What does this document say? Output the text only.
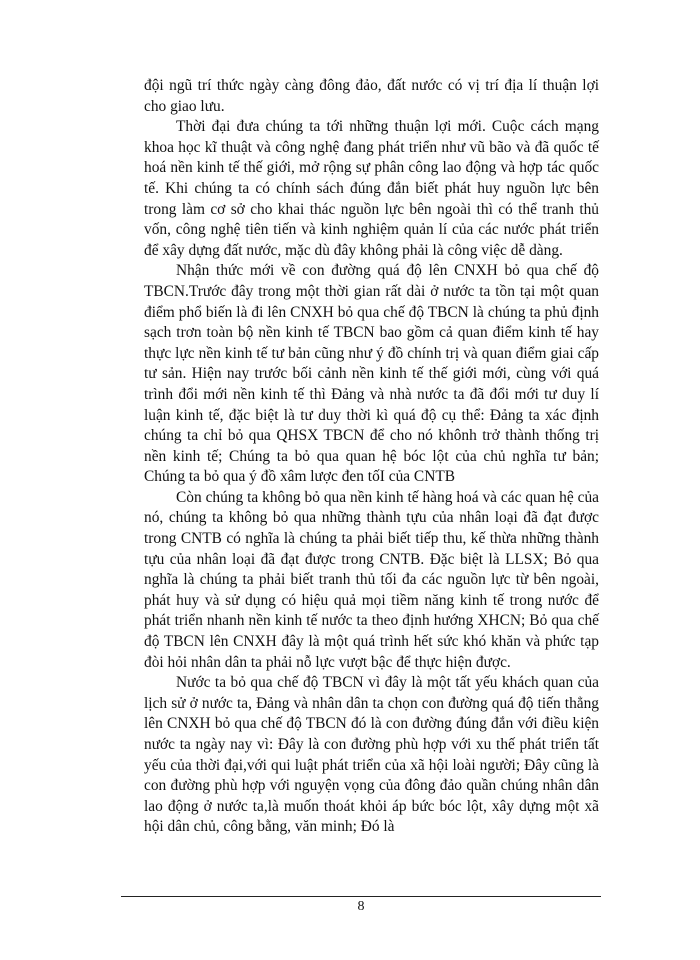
đội ngũ trí thức ngày càng đông đảo, đất nước có vị trí địa lí thuận lợi cho giao lưu.

Thời đại đưa chúng ta tới những thuận lợi mới. Cuộc cách mạng khoa học kĩ thuật và công nghệ đang phát triển như vũ bão và đã quốc tế hoá nền kinh tế thế giới, mở rộng sự phân công lao động và hợp tác quốc tế. Khi chúng ta có chính sách đúng đắn biết phát huy nguồn lực bên trong làm cơ sở cho khai thác nguồn lực bên ngoài thì có thể tranh thủ vốn, công nghệ tiên tiến và kinh nghiệm quản lí của các nước phát triển để xây dựng đất nước, mặc dù đây không phải là công việc dễ dàng.

Nhận thức mới về con đường quá độ lên CNXH bỏ qua chế độ TBCN.Trước đây trong một thời gian rất dài ở nước ta tồn tại một quan điểm phổ biến là đi lên CNXH bỏ qua chế độ TBCN là chúng ta phủ định sạch trơn toàn bộ nền kinh tế TBCN bao gồm cả quan điểm kinh tế hay thực lực nền kinh tế tư bản cũng như ý đồ chính trị và quan điểm giai cấp tư sản. Hiện nay trước bối cảnh nền kinh tế thế giới mới, cùng với quá trình đổi mới nền kinh tế thì Đảng và nhà nước ta đã đổi mới tư duy lí luận kinh tế, đặc biệt là tư duy thời kì quá độ cụ thể: Đảng ta xác định chúng ta chỉ bỏ qua QHSX TBCN để cho nó khônh trở thành thống trị nền kinh tế; Chúng ta bỏ qua quan hệ bóc lột của chủ nghĩa tư bản; Chúng ta bỏ qua ý đồ xâm lược đen tốI của CNTB

Còn chúng ta không bỏ qua nền kinh tế hàng hoá và các quan hệ của nó, chúng ta không bỏ qua những thành tựu của nhân loại đã đạt được trong CNTB có nghĩa là chúng ta phải biết tiếp thu, kế thừa những thành tựu của nhân loại đã đạt được trong CNTB. Đặc biệt là LLSX; Bỏ qua nghĩa là chúng ta phải biết tranh thủ tối đa các nguồn lực từ bên ngoài, phát huy và sử dụng có hiệu quả mọi tiềm năng kinh tế trong nước để phát triển nhanh nền kinh tế nước ta theo định hướng XHCN; Bỏ qua chế độ TBCN lên CNXH đây là một quá trình hết sức khó khăn và phức tạp đòi hỏi nhân dân ta phải nỗ lực vượt bậc để thực hiện được.

Nước ta bỏ qua chế độ TBCN vì đây là một tất yếu khách quan của lịch sử ở nước ta, Đảng và nhân dân ta chọn con đường quá độ tiến thẳng lên CNXH bỏ qua chế độ TBCN đó là con đường đúng đắn với điều kiện nước ta ngày nay vì: Đây là con đường phù hợp với xu thế phát triển tất yếu của thời đại,với qui luật phát triển của xã hội loài người; Đây cũng là con đường phù hợp với nguyện vọng của đông đảo quần chúng nhân dân lao động ở nước ta,là muốn thoát khỏi áp bức bóc lột, xây dựng một xã hội dân chủ, công bằng, văn minh; Đó là

8
